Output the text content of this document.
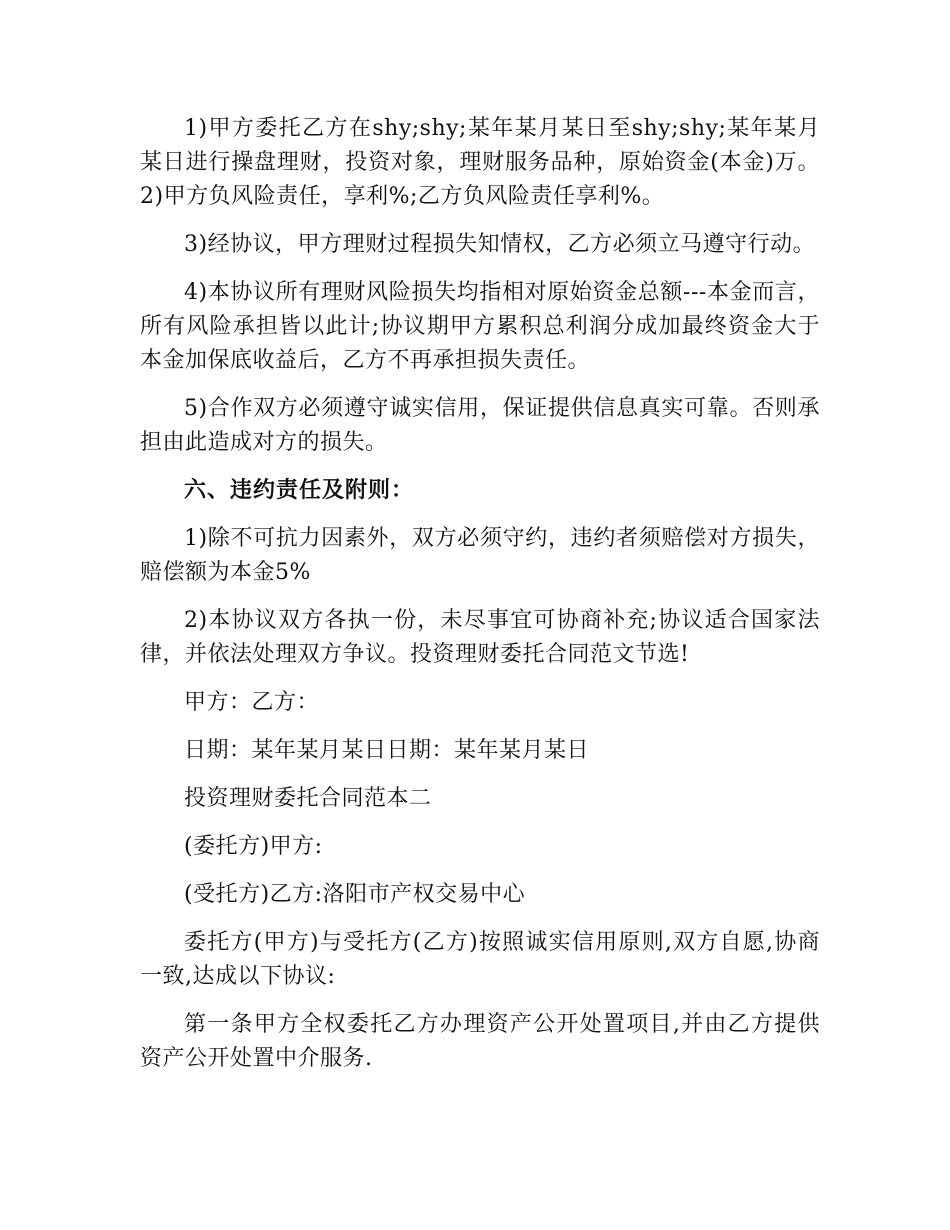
1)甲方委托乙方在shy;shy;某年某月某日至shy;shy;某年某月某日进行操盘理财，投资对象，理财服务品种，原始资金(本金)万。2)甲方负风险责任，享利%;乙方负风险责任享利%。

3)经协议，甲方理财过程损失知情权，乙方必须立马遵守行动。

4)本协议所有理财风险损失均指相对原始资金总额---本金而言，所有风险承担皆以此计;协议期甲方累积总利润分成加最终资金大于本金加保底收益后，乙方不再承担损失责任。

5)合作双方必须遵守诚实信用，保证提供信息真实可靠。否则承担由此造成对方的损失。

六、违约责任及附则：

1)除不可抗力因素外，双方必须守约，违约者须赔偿对方损失，赔偿额为本金5%

2)本协议双方各执一份，未尽事宜可协商补充;协议适合国家法律，并依法处理双方争议。投资理财委托合同范文节选!

甲方：乙方：

日期：某年某月某日日期：某年某月某日

投资理财委托合同范本二

(委托方)甲方:

(受托方)乙方:洛阳市产权交易中心

委托方(甲方)与受托方(乙方)按照诚实信用原则,双方自愿,协商一致,达成以下协议:

第一条甲方全权委托乙方办理资产公开处置项目,并由乙方提供资产公开处置中介服务.
